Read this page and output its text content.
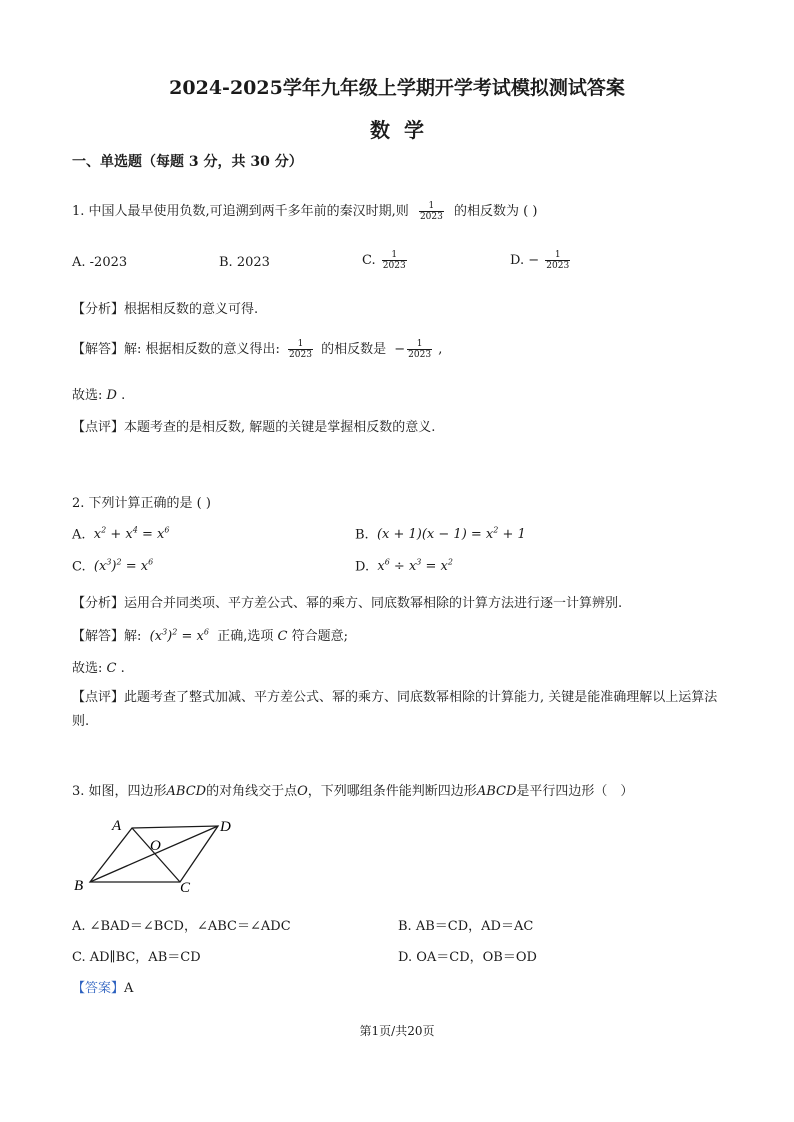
2024-2025学年九年级上学期开学考试模拟测试答案
数学
一、单选题（每题 3 分，共 30 分）
1. 中国人最早使用负数,可追溯到两千多年前的秦汉时期,则 $\frac{1}{2023}$ 的相反数为 ( )
A. -2023	B. 2023	C. $\frac{1}{2023}$	D. − $\frac{1}{2023}$
【分析】根据相反数的意义可得.
【解答】解: 根据相反数的意义得出: $\frac{1}{2023}$ 的相反数是 − $\frac{1}{2023}$ ,
故选: D .
【点评】本题考查的是相反数, 解题的关键是掌握相反数的意义.
2. 下列计算正确的是 ( )
A.  $x^2 + x^4 = x^6$	B.  $(x + 1)(x - 1) = x^2 + 1$
C.  $(x^3)^2 = x^6$	D.  $x^6 \div x^3 = x^2$
【分析】运用合并同类项、平方差公式、幂的乘方、同底数幂相除的计算方法进行逐一计算辨别.
【解答】解:  $(x^3)^2 = x^6$ 正确,选项 C 符合题意;
故选: C .
【点评】此题考查了整式加减、平方差公式、幂的乘方、同底数幂相除的计算能力, 关键是能准确理解以上运算法则.
3. 如图，四边形ABCD的对角线交于点O，下列哪组条件能判断四边形ABCD是平行四边形（　）
A	D
O
B	C
A. ∠BAD＝∠BCD，∠ABC＝∠ADC	B. AB＝CD，AD＝AC
C. AD∥BC，AB＝CD	D. OA＝CD，OB＝OD
【答案】A
第1页/共20页
